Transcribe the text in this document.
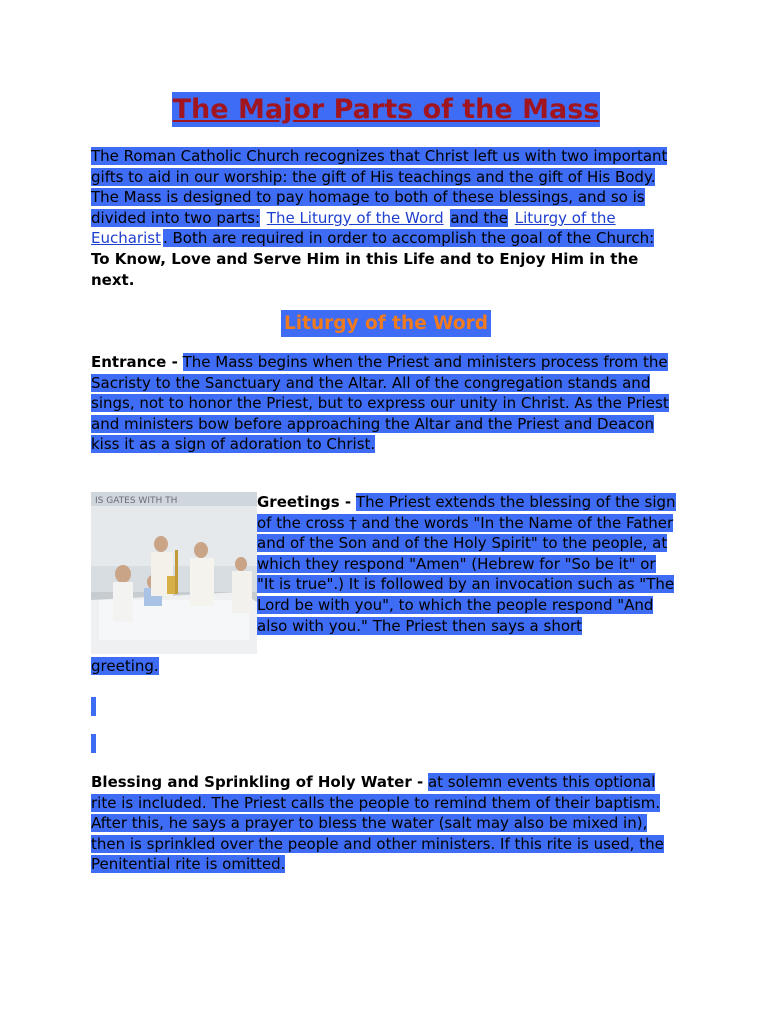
The Major Parts of the Mass

The Roman Catholic Church recognizes that Christ left us with two important gifts to aid in our worship: the gift of His teachings and the gift of His Body. The Mass is designed to pay homage to both of these blessings, and so is divided into two parts: The Liturgy of the Word and the Liturgy of the Eucharist . Both are required in order to accomplish the goal of the Church: To Know, Love and Serve Him in this Life and to Enjoy Him in the next.

Liturgy of the Word

Entrance - The Mass begins when the Priest and ministers process from the Sacristy to the Sanctuary and the Altar. All of the congregation stands and sings, not to honor the Priest, but to express our unity in Christ. As the Priest and ministers bow before approaching the Altar and the Priest and Deacon kiss it as a sign of adoration to Christ.

IS GATES WITH TH	Greetings - The Priest extends the blessing of the sign of the cross † and the words "In the Name of the Father and of the Son and of the Holy Spirit" to the people, at which they respond "Amen" (Hebrew for "So be it" or "It is true".) It is followed by an invocation such as "The Lord be with you", to which the people respond "And also with you." The Priest then says a short

greeting.

Blessing and Sprinkling of Holy Water - at solemn events this optional rite is included. The Priest calls the people to remind them of their baptism. After this, he says a prayer to bless the water (salt may also be mixed in), then is sprinkled over the people and other ministers. If this rite is used, the Penitential rite is omitted.
